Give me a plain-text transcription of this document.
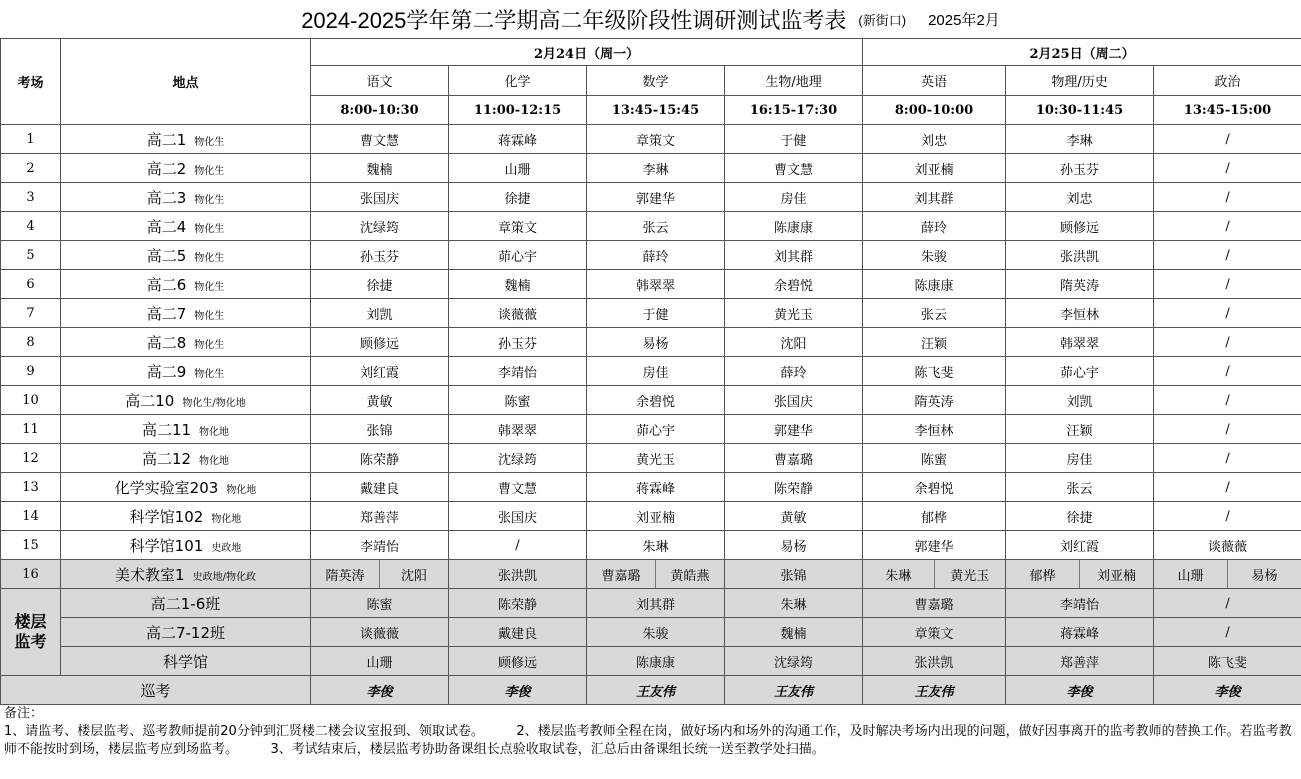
2024-2025学年第二学期高二年级阶段性调研测试监考表 (新街口) 2025年2月
考场	地点	2月24日（周一）				2月25日（周二）		
		语文	化学	数学	生物/地理	英语	物理/历史	政治
		8:00-10:30	11:00-12:15	13:45-15:45	16:15-17:30	8:00-10:00	10:30-11:45	13:45-15:00
1	高二1 物化生	曹文慧	蒋霖峰	章策文	于健	刘忠	李琳	/
2	高二2 物化生	魏楠	山珊	李琳	曹文慧	刘亚楠	孙玉芬	/
3	高二3 物化生	张国庆	徐捷	郭建华	房佳	刘其群	刘忠	/
4	高二4 物化生	沈绿筠	章策文	张云	陈康康	薛玲	顾修远	/
5	高二5 物化生	孙玉芬	茆心宇	薛玲	刘其群	朱骏	张洪凯	/
6	高二6 物化生	徐捷	魏楠	韩翠翠	余碧悦	陈康康	隋英涛	/
7	高二7 物化生	刘凯	谈薇薇	于健	黄光玉	张云	李恒林	/
8	高二8 物化生	顾修远	孙玉芬	易杨	沈阳	汪颖	韩翠翠	/
9	高二9 物化生	刘红霞	李靖怡	房佳	薛玲	陈飞斐	茆心宇	/
10	高二10 物化生/物化地	黄敏	陈蜜	余碧悦	张国庆	隋英涛	刘凯	/
11	高二11 物化地	张锦	韩翠翠	茆心宇	郭建华	李恒林	汪颖	/
12	高二12 物化地	陈荣静	沈绿筠	黄光玉	曹嘉璐	陈蜜	房佳	/
13	化学实验室203 物化地	戴建良	曹文慧	蒋霖峰	陈荣静	余碧悦	张云	/
14	科学馆102 物化地	郑善萍	张国庆	刘亚楠	黄敏	郁桦	徐捷	/
15	科学馆101 史政地	李靖怡	/	朱琳	易杨	郭建华	刘红霞	谈薇薇
16	美术教室1 史政地/物化政	隋英涛 沈阳	张洪凯	曹嘉璐 黄皓燕	张锦	朱琳 黄光玉	郁桦 刘亚楠	山珊 易杨

楼层
监考	高二1-6班	陈蜜	陈荣静	刘其群	朱琳	曹嘉璐	李靖怡	/
	高二7-12班	谈薇薇	戴建良	朱骏	魏楠	章策文	蒋霖峰	/
	科学馆	山珊	顾修远	陈康康	沈绿筠	张洪凯	郑善萍	陈飞斐
巡考		李俊	李俊	王友伟	王友伟	王友伟	李俊	李俊
备注：
1、请监考、楼层监考、巡考教师提前20分钟到汇贤楼二楼会议室报到、领取试卷。　　　2、楼层监考教师全程在岗，做好场内和场外的沟通工作，及时解决考场内出现的问题，做好因事离开的监考教师的替换工作。若监考教师不能按时到场，楼层监考应到场监考。　　　3、考试结束后，楼层监考协助备课组长点验收取试卷，汇总后由备课组长统一送至教学处扫描。
